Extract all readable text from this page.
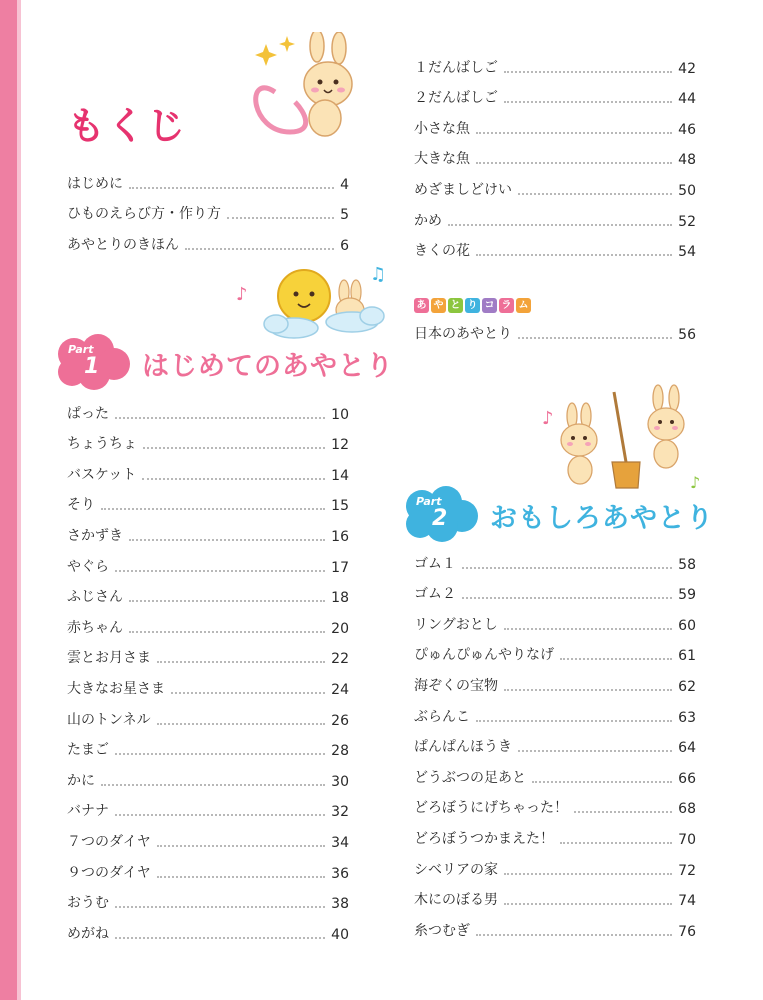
もくじ
はじめに	4
ひものえらび方・作り方	5
あやとりのきほん	6
♪
♫
Part
1 はじめてのあやとり
ぱった	10
ちょうちょ	12
バスケット	14
そり	15
さかずき	16
やぐら	17
ふじさん	18
赤ちゃん	20
雲とお月さま	22
大きなお星さま	24
山のトンネル	26
たまご	28
かに	30
バナナ	32
７つのダイヤ	34
９つのダイヤ	36
おうむ	38
めがね	40
１だんばしご	42
２だんばしご	44
小さな魚	46
大きな魚	48
めざましどけい	50
かめ	52
きくの花	54
あ や と り コ ラ ム
日本のあやとり	56
♪
♪
Part
2 おもしろあやとり
ゴム１	58
ゴム２	59
リングおとし	60
ぴゅんぴゅんやりなげ	61
海ぞくの宝物	62
ぶらんこ	63
ぱんぱんほうき	64
どうぶつの足あと	66
どろぼうにげちゃった！	68
どろぼうつかまえた！	70
シベリアの家	72
木にのぼる男	74
糸つむぎ	76
